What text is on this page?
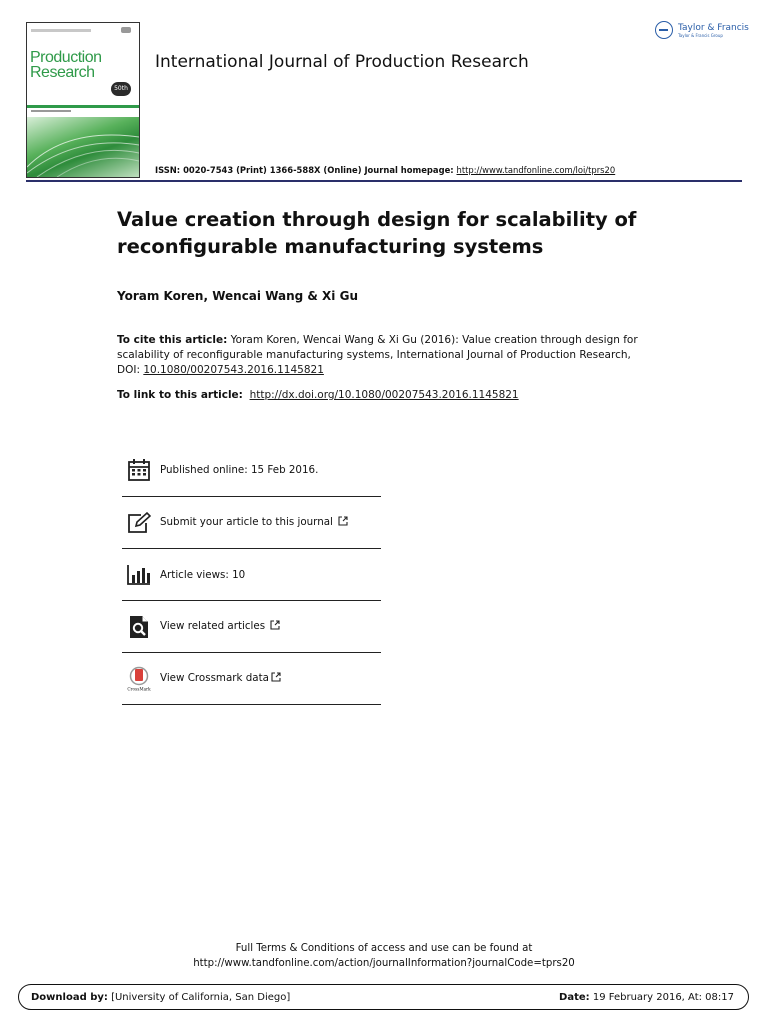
Production
Research
50th
International Journal of Production Research
Taylor & Francis
Taylor & Francis Group
ISSN: 0020-7543 (Print) 1366-588X (Online) Journal homepage: http://www.tandfonline.com/loi/tprs20
Value creation through design for scalability of reconfigurable manufacturing systems
Yoram Koren, Wencai Wang & Xi Gu
To cite this article: Yoram Koren, Wencai Wang & Xi Gu (2016): Value creation through design for scalability of reconfigurable manufacturing systems, International Journal of Production Research, DOI: 10.1080/00207543.2016.1145821
To link to this article: http://dx.doi.org/10.1080/00207543.2016.1145821
Published online: 15 Feb 2016.
Submit your article to this journal
Article views: 10
View related articles
CrossMark
View Crossmark data
Full Terms & Conditions of access and use can be found at
http://www.tandfonline.com/action/journalInformation?journalCode=tprs20
Download by: [University of California, San Diego]	Date: 19 February 2016, At: 08:17
